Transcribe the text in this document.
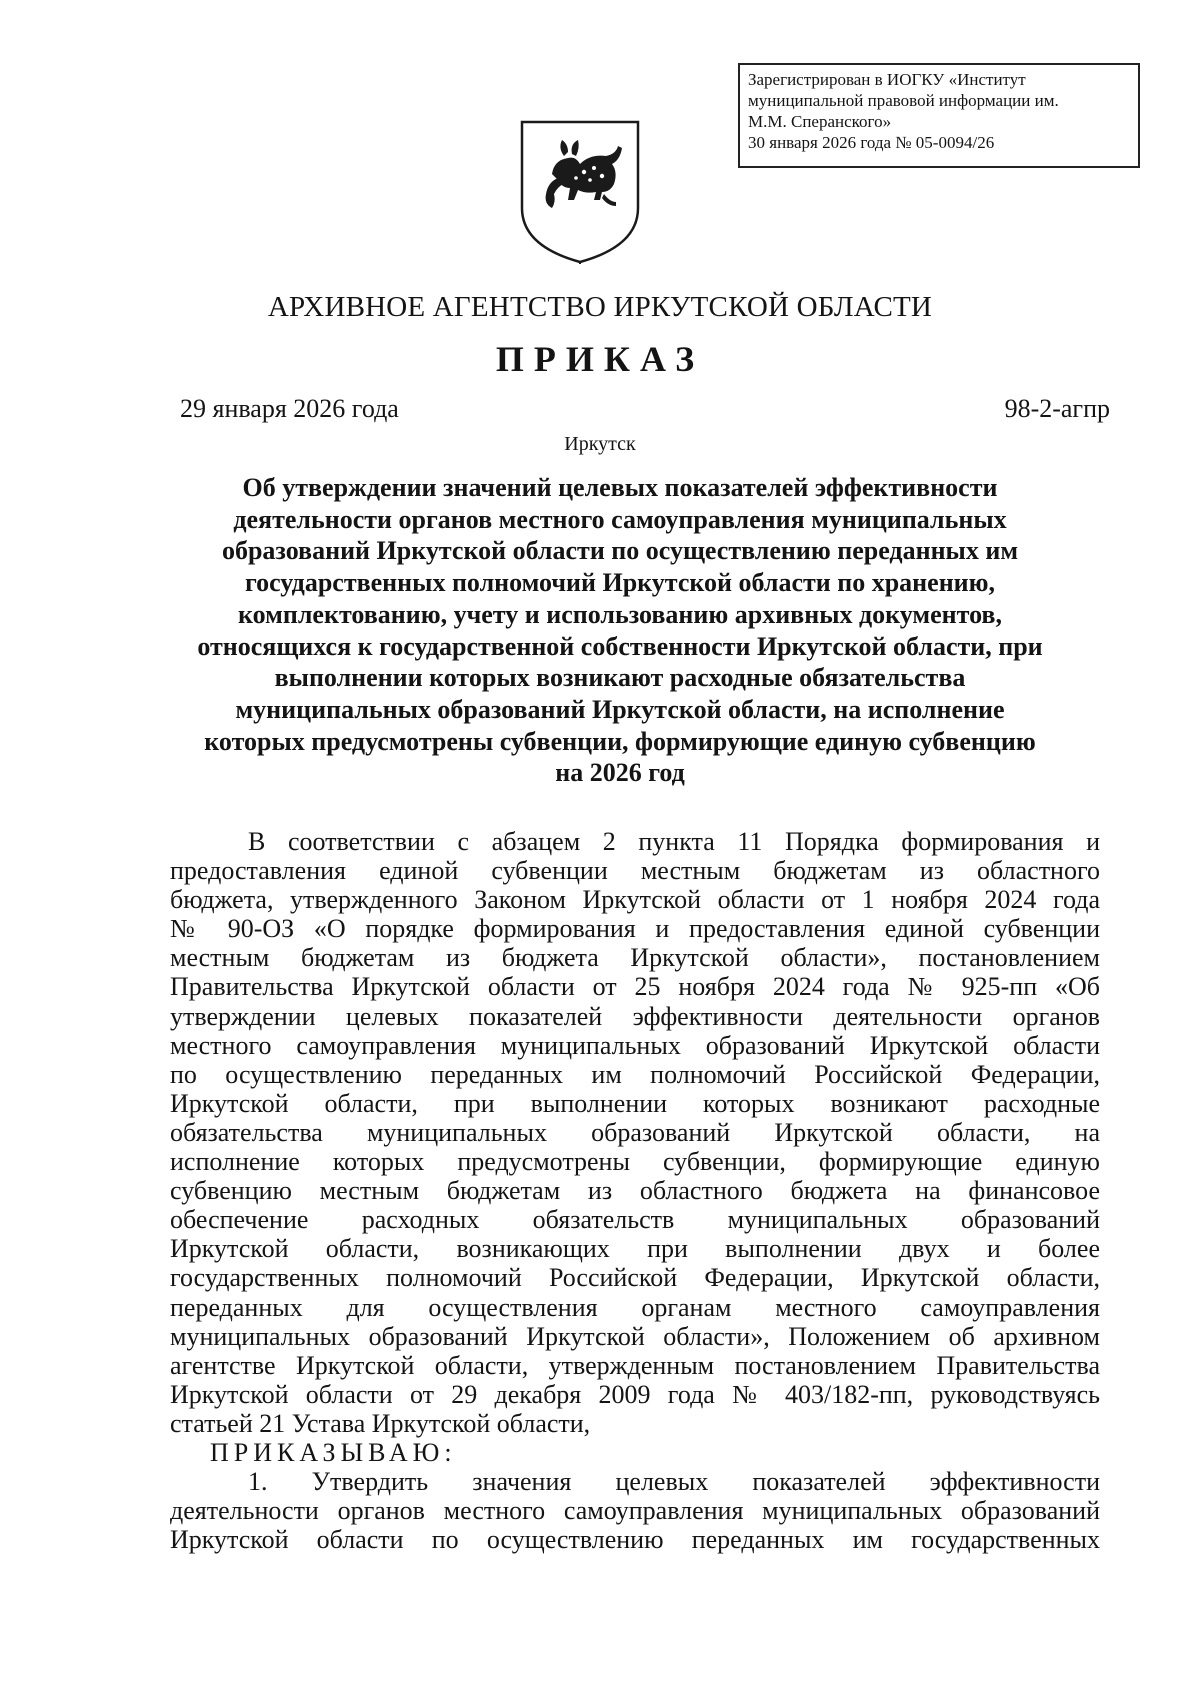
Зарегистрирован в ИОГКУ «Институт
муниципальной правовой информации им.
М.М. Сперанского»
30 января 2026 года № 05-0094/26
АРХИВНОЕ АГЕНТСТВО ИРКУТСКОЙ ОБЛАСТИ
ПРИКАЗ
29 января 2026 года	98-2-агпр
Иркутск
Об утверждении значений целевых показателей эффективности
деятельности органов местного самоуправления муниципальных
образований Иркутской области по осуществлению переданных им
государственных полномочий Иркутской области по хранению,
комплектованию, учету и использованию архивных документов,
относящихся к государственной собственности Иркутской области, при
выполнении которых возникают расходные обязательства
муниципальных образований Иркутской области, на исполнение
которых предусмотрены субвенции, формирующие единую субвенцию
на 2026 год
В соответствии с абзацем 2 пункта 11 Порядка формирования и
предоставления единой субвенции местным бюджетам из областного
бюджета, утвержденного Законом Иркутской области от 1 ноября 2024 года
№ 90-ОЗ «О порядке формирования и предоставления единой субвенции
местным бюджетам из бюджета Иркутской области», постановлением
Правительства Иркутской области от 25 ноября 2024 года № 925-пп «Об
утверждении целевых показателей эффективности деятельности органов
местного самоуправления муниципальных образований Иркутской области
по осуществлению переданных им полномочий Российской Федерации,
Иркутской области, при выполнении которых возникают расходные
обязательства муниципальных образований Иркутской области, на
исполнение которых предусмотрены субвенции, формирующие единую
субвенцию местным бюджетам из областного бюджета на финансовое
обеспечение расходных обязательств муниципальных образований
Иркутской области, возникающих при выполнении двух и более
государственных полномочий Российской Федерации, Иркутской области,
переданных для осуществления органам местного самоуправления
муниципальных образований Иркутской области», Положением об архивном
агентстве Иркутской области, утвержденным постановлением Правительства
Иркутской области от 29 декабря 2009 года № 403/182-пп, руководствуясь
статьей 21 Устава Иркутской области,
ПРИКАЗЫВАЮ:
1. Утвердить значения целевых показателей эффективности
деятельности органов местного самоуправления муниципальных образований
Иркутской области по осуществлению переданных им государственных
